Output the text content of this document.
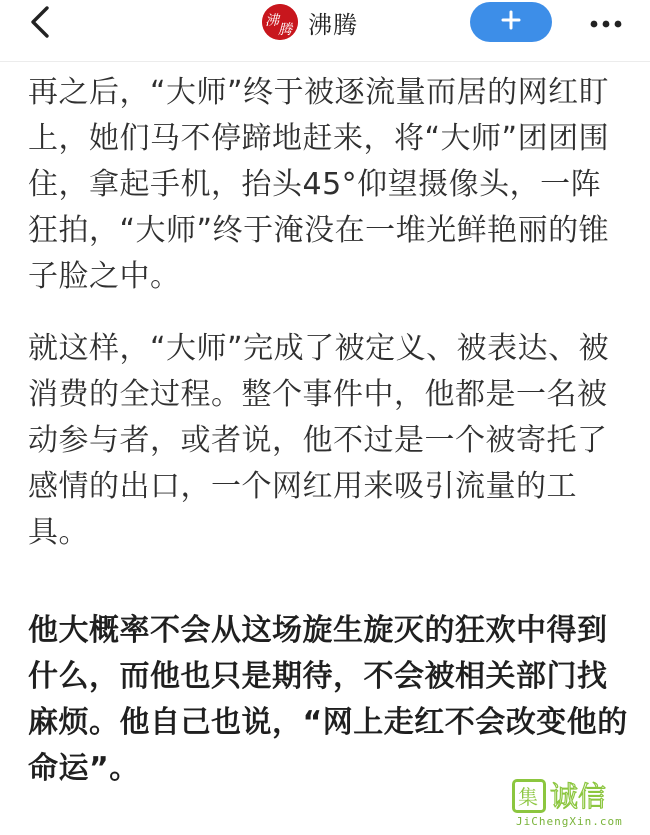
沸
腾 沸腾

再之后，“大师”终于被逐流量而居的网红盯上，她们马不停蹄地赶来，将“大师”团团围住，拿起手机，抬头45°仰望摄像头，一阵狂拍，“大师”终于淹没在一堆光鲜艳丽的锥子脸之中。

就这样，“大师”完成了被定义、被表达、被消费的全过程。整个事件中，他都是一名被动参与者，或者说，他不过是一个被寄托了感情的出口，一个网红用来吸引流量的工具。

他大概率不会从这场旋生旋灭的狂欢中得到什么，而他也只是期待，不会被相关部门找麻烦。他自己也说，“网上走红不会改变他的命运”。

集 诚信
JiChengXin.com
